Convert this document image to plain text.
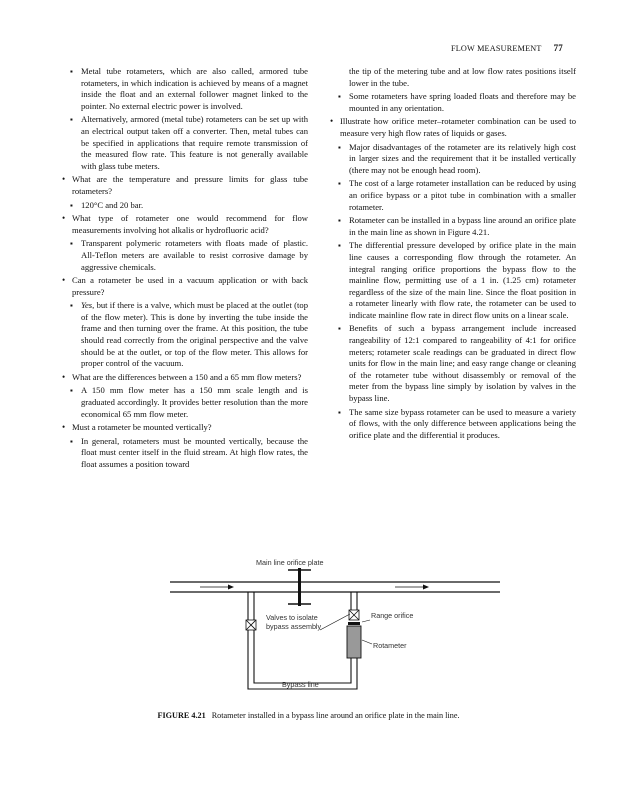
FLOW MEASUREMENT 77

▪ Metal tube rotameters, which are also called, armored tube rotameters, in which indication is achieved by means of a magnet inside the float and an external follower magnet linked to the pointer. No external electric power is involved.

▪ Alternatively, armored (metal tube) rotameters can be set up with an electrical output taken off a converter. Then, metal tubes can be specified in applications that require remote transmission of the measured flow rate. This feature is not generally available with glass tube meters.

• What are the temperature and pressure limits for glass tube rotameters?

▪ 120°C and 20 bar.

• What type of rotameter one would recommend for flow measurements involving hot alkalis or hydrofluoric acid?

▪ Transparent polymeric rotameters with floats made of plastic. All-Teflon meters are available to resist corrosive damage by aggressive chemicals.

• Can a rotameter be used in a vacuum application or with back pressure?

▪ Yes, but if there is a valve, which must be placed at the outlet (top of the flow meter). This is done by inverting the tube inside the frame and then turning over the frame. At this position, the tube should read correctly from the original perspective and the valve should be at the outlet, or top of the flow meter. This allows for proper control of the vacuum.

• What are the differences between a 150 and a 65 mm flow meters?

▪ A 150 mm flow meter has a 150 mm scale length and is graduated accordingly. It provides better resolution than the more economical 65 mm flow meter.

• Must a rotameter be mounted vertically?

▪ In general, rotameters must be mounted vertically, because the float must center itself in the fluid stream. At high flow rates, the float assumes a position toward

the tip of the metering tube and at low flow rates positions itself lower in the tube.

▪ Some rotameters have spring loaded floats and therefore may be mounted in any orientation.

• Illustrate how orifice meter–rotameter combination can be used to measure very high flow rates of liquids or gases.

▪ Major disadvantages of the rotameter are its relatively high cost in larger sizes and the requirement that it be installed vertically (there may not be enough head room).

▪ The cost of a large rotameter installation can be reduced by using an orifice bypass or a pitot tube in combination with a smaller rotameter.

▪ Rotameter can be installed in a bypass line around an orifice plate in the main line as shown in Figure 4.21.

▪ The differential pressure developed by orifice plate in the main line causes a corresponding flow through the rotameter. An integral ranging orifice proportions the bypass flow to the mainline flow, permitting use of a 1 in. (1.25 cm) rotameter regardless of the size of the main line. Since the float position in a rotameter linearly with flow rate, the rotameter can be used to indicate mainline flow rate in direct flow units on a linear scale.

▪ Benefits of such a bypass arrangement include increased rangeability of 12:1 compared to rangeability of 4:1 for orifice meters; rotameter scale readings can be graduated in direct flow units for flow in the main line; and easy range change or cleaning of the rotameter tube without disassembly or removal of the meter from the bypass line simply by isolation by valves in the bypass line.

▪ The same size bypass rotameter can be used to measure a variety of flows, with the only difference between applications being the orifice plate and the differential it produces.

Main line orifice plate
Valves to isolate
bypass assembly
Range orifice
Rotameter
Bypass line
FIGURE 4.21 Rotameter installed in a bypass line around an orifice plate in the main line.
